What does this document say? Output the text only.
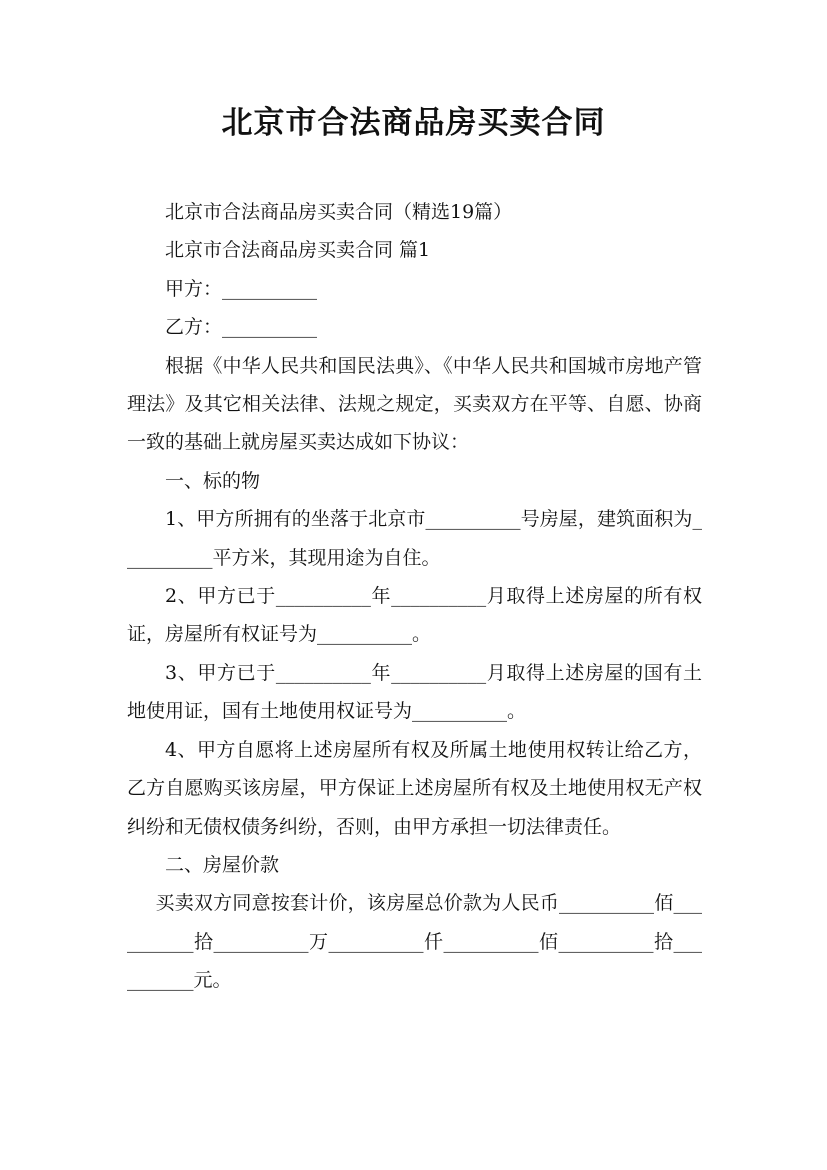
北京市合法商品房买卖合同

北京市合法商品房买卖合同（精选19篇）

北京市合法商品房买卖合同 篇1

甲方：__________

乙方：__________

根据《中华人民共和国民法典》、《中华人民共和国城市房地产管理法》及其它相关法律、法规之规定，买卖双方在平等、自愿、协商一致的基础上就房屋买卖达成如下协议：

一、标的物

1、甲方所拥有的坐落于北京市__________号房屋，建筑面积为__________平方米，其现用途为自住。

2、甲方已于__________年__________月取得上述房屋的所有权证，房屋所有权证号为__________。

3、甲方已于__________年__________月取得上述房屋的国有土地使用证，国有土地使用权证号为__________。

4、甲方自愿将上述房屋所有权及所属土地使用权转让给乙方，乙方自愿购买该房屋，甲方保证上述房屋所有权及土地使用权无产权纠纷和无债权债务纠纷，否则，由甲方承担一切法律责任。

二、房屋价款

买卖双方同意按套计价，该房屋总价款为人民币__________佰__________拾__________万__________仟__________佰__________拾__________元。
